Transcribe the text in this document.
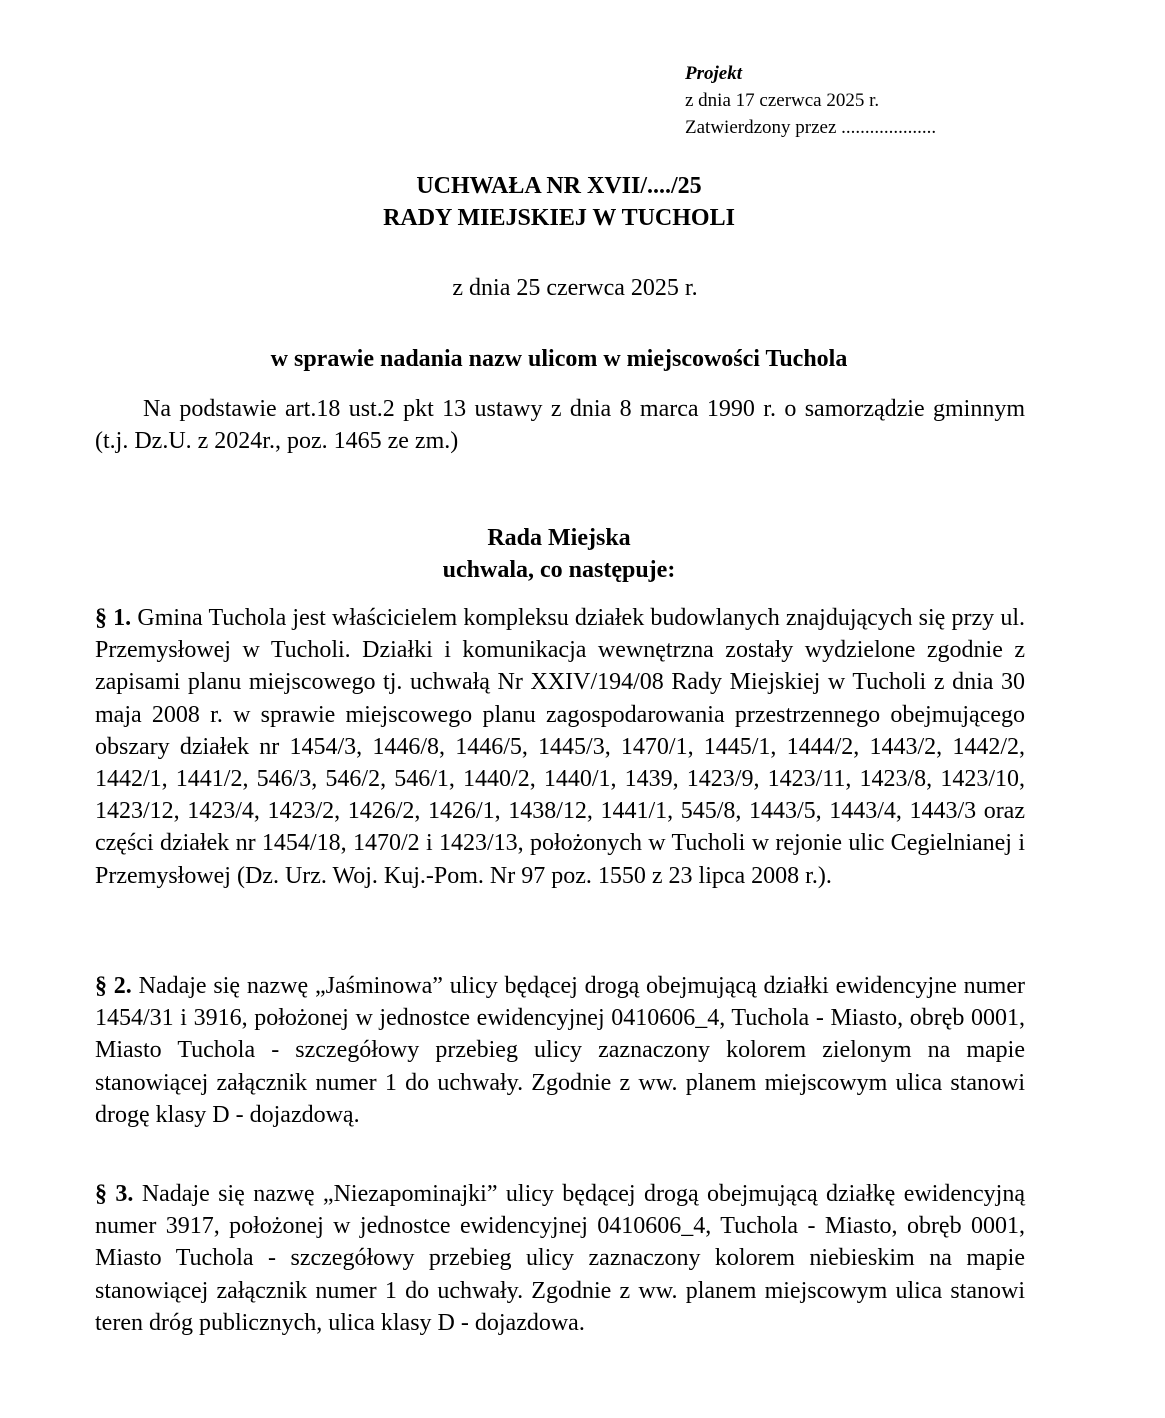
Projekt
z dnia 17 czerwca 2025 r.
Zatwierdzony przez ....................
UCHWAŁA NR XVII/..../25
RADY MIEJSKIEJ W TUCHOLI
z dnia 25 czerwca 2025 r.
w sprawie nadania nazw ulicom w miejscowości Tuchola
Na podstawie art.18 ust.2 pkt 13 ustawy z dnia 8 marca 1990 r. o samorządzie gminnym (t.j. Dz.U. z 2024r., poz. 1465 ze zm.)
Rada Miejska
uchwala, co następuje:
§ 1. Gmina Tuchola jest właścicielem kompleksu działek budowlanych znajdujących się przy ul. Przemysłowej w Tucholi. Działki i komunikacja wewnętrzna zostały wydzielone zgodnie z zapisami planu miejscowego tj. uchwałą Nr XXIV/194/08 Rady Miejskiej w Tucholi z dnia 30 maja 2008 r. w sprawie miejscowego planu zagospodarowania przestrzennego obejmującego obszary działek nr 1454/3, 1446/8, 1446/5, 1445/3, 1470/1, 1445/1, 1444/2, 1443/2, 1442/2, 1442/1, 1441/2, 546/3, 546/2, 546/1, 1440/2, 1440/1, 1439, 1423/9, 1423/11, 1423/8, 1423/10, 1423/12, 1423/4, 1423/2, 1426/2, 1426/1, 1438/12, 1441/1, 545/8, 1443/5, 1443/4, 1443/3 oraz części działek nr 1454/18, 1470/2 i 1423/13, położonych w Tucholi w rejonie ulic Cegielnianej i Przemysłowej (Dz. Urz. Woj. Kuj.-Pom. Nr 97 poz. 1550 z 23 lipca 2008 r.).
§ 2. Nadaje się nazwę „Jaśminowa” ulicy będącej drogą obejmującą działki ewidencyjne numer 1454/31 i 3916, położonej w jednostce ewidencyjnej 0410606_4, Tuchola - Miasto, obręb 0001, Miasto Tuchola - szczegółowy przebieg ulicy zaznaczony kolorem zielonym na mapie stanowiącej załącznik numer 1 do uchwały. Zgodnie z ww. planem miejscowym ulica stanowi drogę klasy D - dojazdową.
§ 3. Nadaje się nazwę „Niezapominajki” ulicy będącej drogą obejmującą działkę ewidencyjną numer 3917, położonej w jednostce ewidencyjnej 0410606_4, Tuchola - Miasto, obręb 0001, Miasto Tuchola - szczegółowy przebieg ulicy zaznaczony kolorem niebieskim na mapie stanowiącej załącznik numer 1 do uchwały. Zgodnie z ww. planem miejscowym ulica stanowi teren dróg publicznych, ulica klasy D - dojazdowa.
